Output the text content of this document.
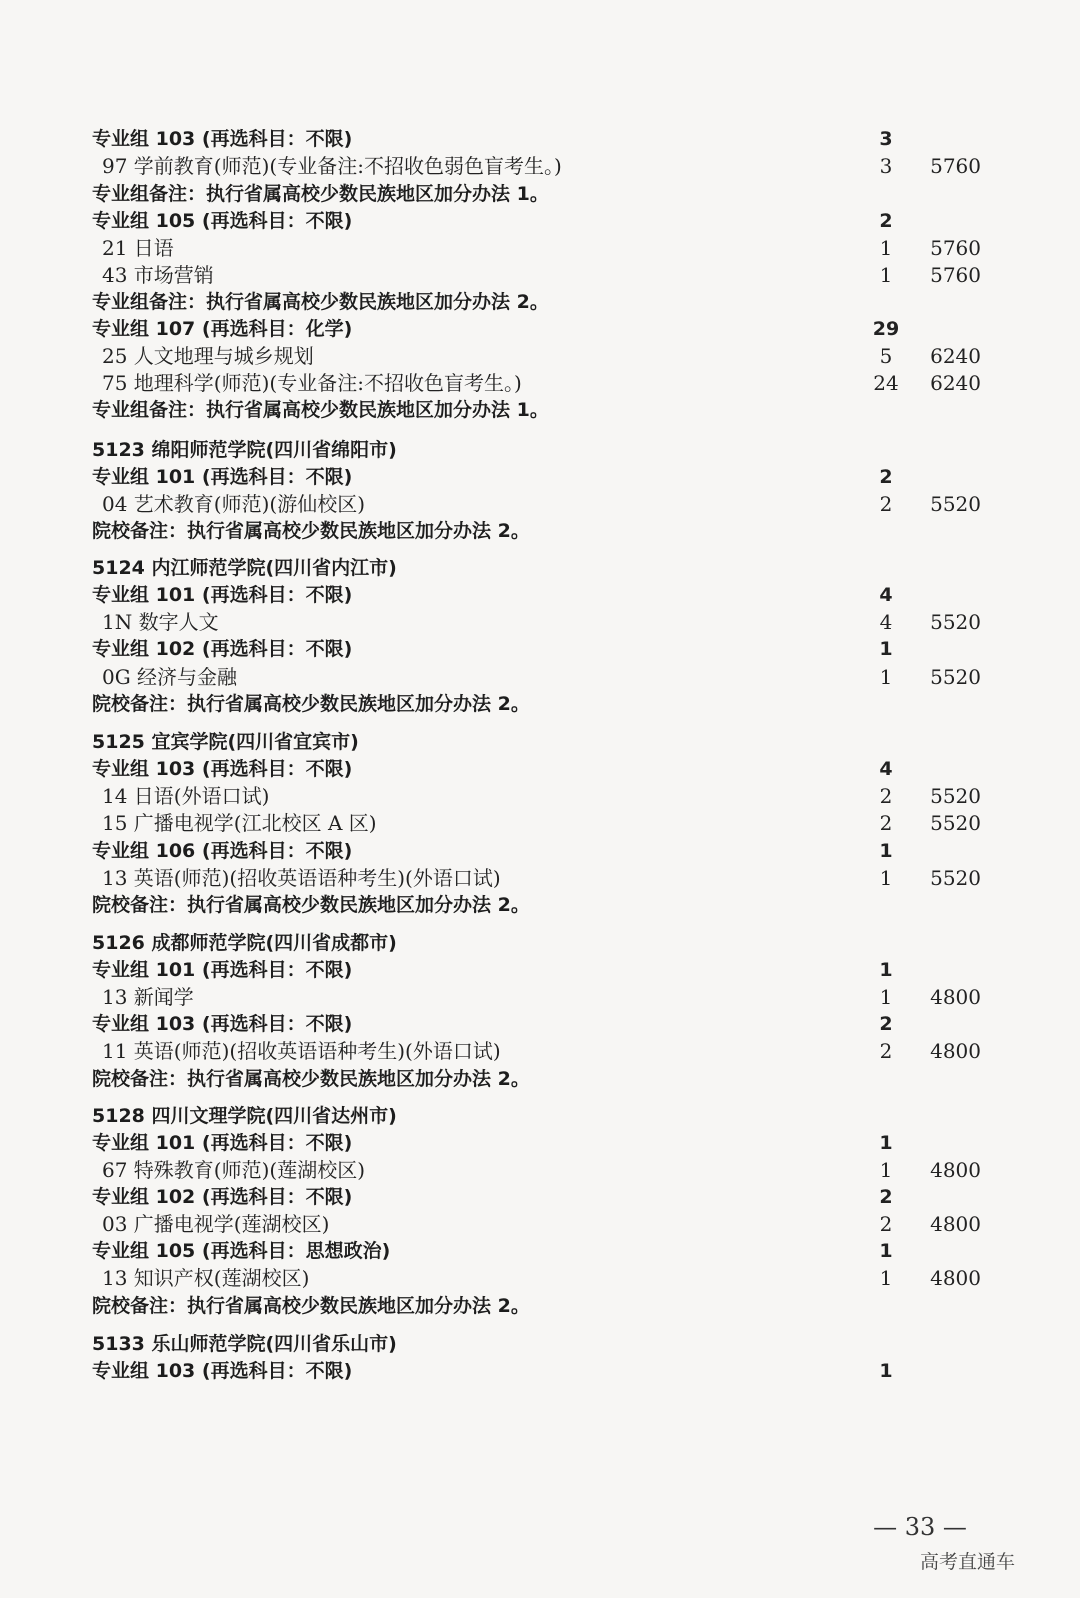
专业组 103 (再选科目：不限)	3
97 学前教育(师范)(专业备注:不招收色弱色盲考生。)	3	5760
专业组备注：执行省属高校少数民族地区加分办法 1。
专业组 105 (再选科目：不限)	2
21 日语	1	5760
43 市场营销	1	5760
专业组备注：执行省属高校少数民族地区加分办法 2。
专业组 107 (再选科目：化学)	29
25 人文地理与城乡规划	5	6240
75 地理科学(师范)(专业备注:不招收色盲考生。)	24	6240
专业组备注：执行省属高校少数民族地区加分办法 1。
5123 绵阳师范学院(四川省绵阳市)
专业组 101 (再选科目：不限)	2
04 艺术教育(师范)(游仙校区)	2	5520
院校备注：执行省属高校少数民族地区加分办法 2。
5124 内江师范学院(四川省内江市)
专业组 101 (再选科目：不限)	4
1N 数字人文	4	5520
专业组 102 (再选科目：不限)	1
0G 经济与金融	1	5520
院校备注：执行省属高校少数民族地区加分办法 2。
5125 宜宾学院(四川省宜宾市)
专业组 103 (再选科目：不限)	4
14 日语(外语口试)	2	5520
15 广播电视学(江北校区 A 区)	2	5520
专业组 106 (再选科目：不限)	1
13 英语(师范)(招收英语语种考生)(外语口试)	1	5520
院校备注：执行省属高校少数民族地区加分办法 2。
5126 成都师范学院(四川省成都市)
专业组 101 (再选科目：不限)	1
13 新闻学	1	4800
专业组 103 (再选科目：不限)	2
11 英语(师范)(招收英语语种考生)(外语口试)	2	4800
院校备注：执行省属高校少数民族地区加分办法 2。
5128 四川文理学院(四川省达州市)
专业组 101 (再选科目：不限)	1
67 特殊教育(师范)(莲湖校区)	1	4800
专业组 102 (再选科目：不限)	2
03 广播电视学(莲湖校区)	2	4800
专业组 105 (再选科目：思想政治)	1
13 知识产权(莲湖校区)	1	4800
院校备注：执行省属高校少数民族地区加分办法 2。
5133 乐山师范学院(四川省乐山市)
专业组 103 (再选科目：不限)	1
— 33 —
高考直通车
